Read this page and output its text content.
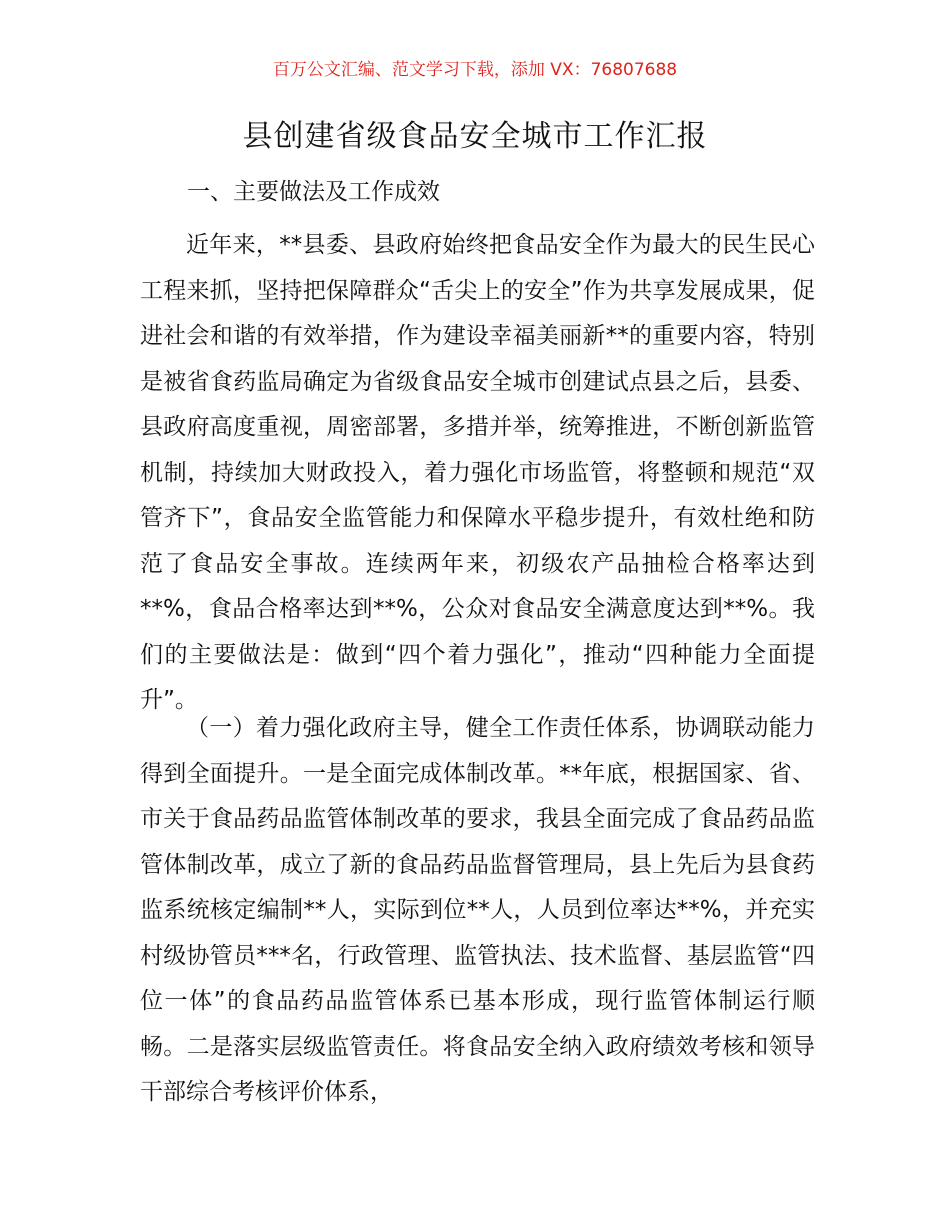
百万公文汇编、范文学习下载，添加 VX：76807688
县创建省级食品安全城市工作汇报
一、主要做法及工作成效

近年来，**县委、县政府始终把食品安全作为最大的民生民心工程来抓，坚持把保障群众“舌尖上的安全”作为共享发展成果，促进社会和谐的有效举措，作为建设幸福美丽新**的重要内容，特别是被省食药监局确定为省级食品安全城市创建试点县之后，县委、县政府高度重视，周密部署，多措并举，统筹推进，不断创新监管机制，持续加大财政投入，着力强化市场监管，将整顿和规范“双管齐下”，食品安全监管能力和保障水平稳步提升，有效杜绝和防范了食品安全事故。连续两年来，初级农产品抽检合格率达到**%，食品合格率达到**%，公众对食品安全满意度达到**%。我们的主要做法是：做到“四个着力强化”，推动“四种能力全面提升”。

（一）着力强化政府主导，健全工作责任体系，协调联动能力得到全面提升。一是全面完成体制改革。**年底，根据国家、省、市关于食品药品监管体制改革的要求，我县全面完成了食品药品监管体制改革，成立了新的食品药品监督管理局，县上先后为县食药监系统核定编制**人，实际到位**人，人员到位率达**%，并充实村级协管员***名，行政管理、监管执法、技术监督、基层监管“四位一体”的食品药品监管体系已基本形成，现行监管体制运行顺畅。二是落实层级监管责任。将食品安全纳入政府绩效考核和领导干部综合考核评价体系，
